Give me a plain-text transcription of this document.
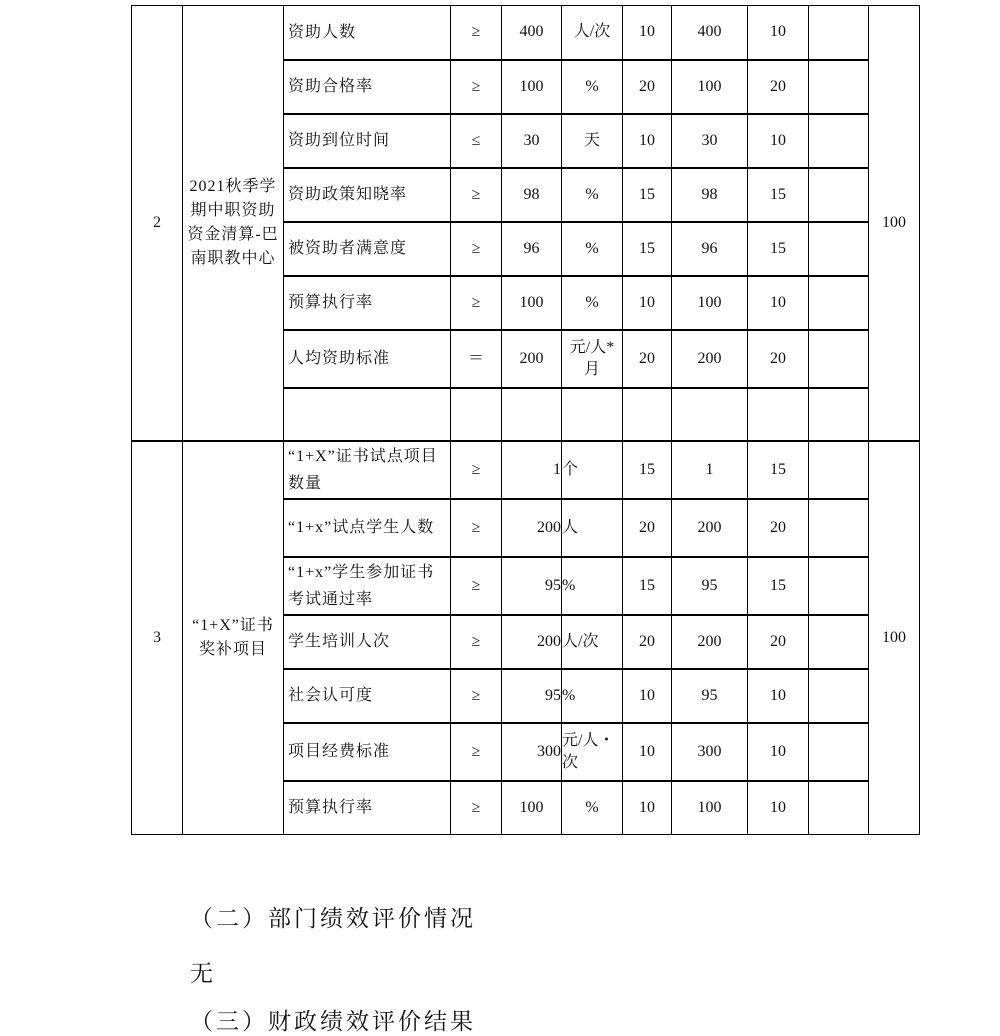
2	2021秋季学期中职资助资金清算-巴南职教中心	资助人数	≥	400	人/次	10	400	10		100
		资助合格率	≥	100	%	20	100	20		
		资助到位时间	≤	30	天	10	30	10		
		资助政策知晓率	≥	98	%	15	98	15		
		被资助者满意度	≥	96	%	15	96	15		
		预算执行率	≥	100	%	10	100	10		
		人均资助标准	＝	200	元/人*月	20	200	20		

3	“1+X”证书奖补项目	“1+X”证书试点项目数量	≥	1	个	15	1	15		100
		“1+x”试点学生人数	≥	200	人	20	200	20		
		“1+x”学生参加证书考试通过率	≥	95	%	15	95	15		
		学生培训人次	≥	200	人/次	20	200	20		
		社会认可度	≥	95	%	10	95	10		
		项目经费标准	≥	300	元/人・次	10	300	10		
		预算执行率	≥	100	%	10	100	10		
（二）部门绩效评价情况
无
（三）财政绩效评价结果
